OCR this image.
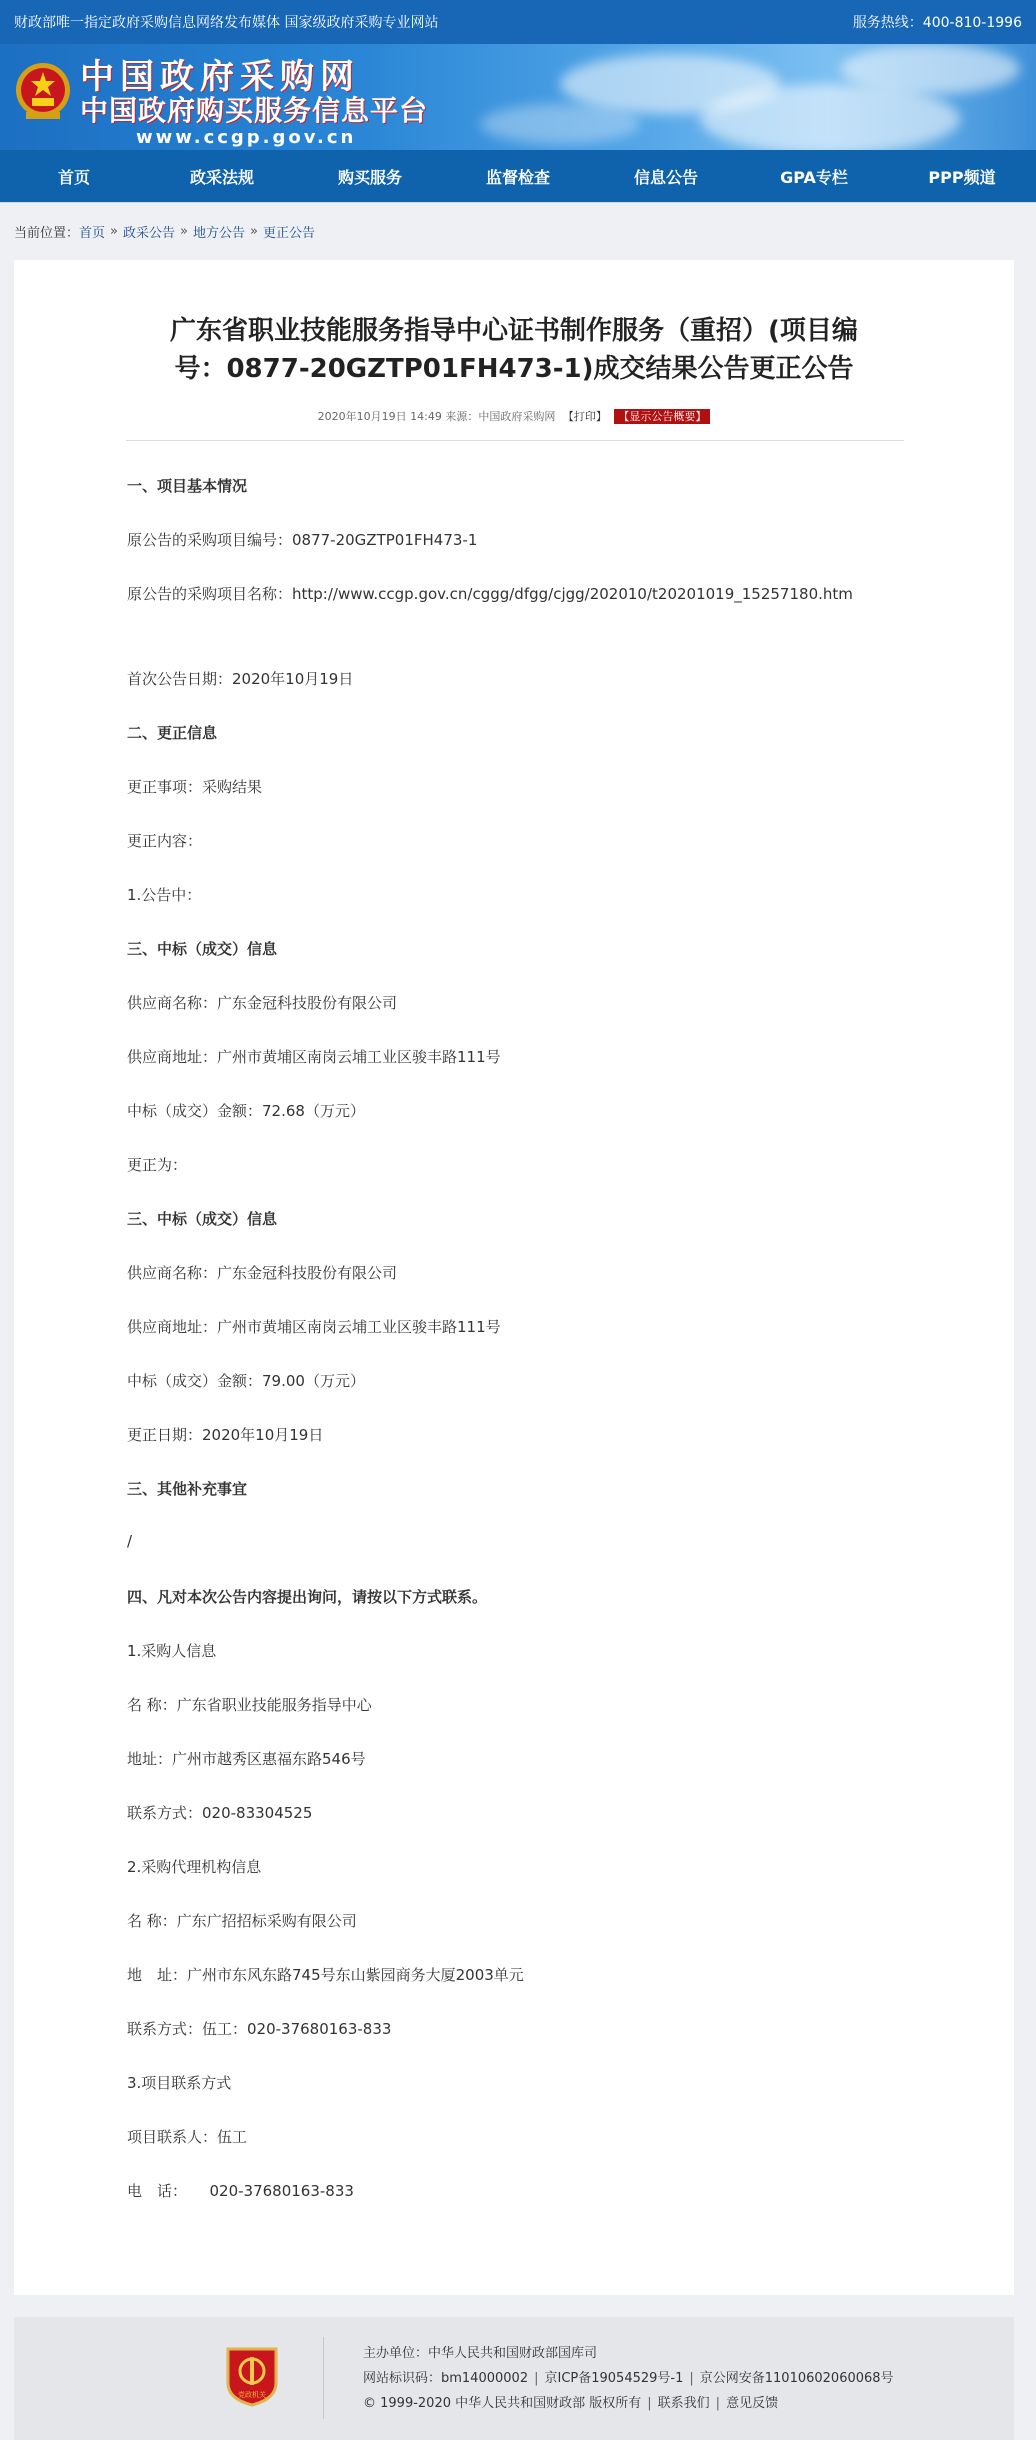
财政部唯一指定政府采购信息网络发布媒体 国家级政府采购专业网站	服务热线：400-810-1996
中国政府采购网
中国政府购买服务信息平台
www.ccgp.gov.cn
首页	政采法规	购买服务	监督检查	信息公告	GPA专栏	PPP频道
当前位置： 首页 » 政采公告 » 地方公告 » 更正公告
广东省职业技能服务指导中心证书制作服务（重招）(项目编
号：0877-20GZTP01FH473-1)成交结果公告更正公告
2020年10月19日 14:49 来源：中国政府采购网 【打印】 【显示公告概要】
一、项目基本情况
原公告的采购项目编号：0877-20GZTP01FH473-1
原公告的采购项目名称：http://www.ccgp.gov.cn/cggg/dfgg/cjgg/202010/t20201019_15257180.htm
首次公告日期：2020年10月19日
二、更正信息
更正事项：采购结果
更正内容：
1.公告中：
三、中标（成交）信息
供应商名称：广东金冠科技股份有限公司
供应商地址：广州市黄埔区南岗云埔工业区骏丰路111号
中标（成交）金额：72.68（万元）
更正为：
三、中标（成交）信息
供应商名称：广东金冠科技股份有限公司
供应商地址：广州市黄埔区南岗云埔工业区骏丰路111号
中标（成交）金额：79.00（万元）
更正日期：2020年10月19日
三、其他补充事宜
/
四、凡对本次公告内容提出询问，请按以下方式联系。
1.采购人信息
名 称：广东省职业技能服务指导中心
地址：广州市越秀区惠福东路546号
联系方式：020-83304525
2.采购代理机构信息
名 称：广东广招招标采购有限公司
地　址：广州市东风东路745号东山紫园商务大厦2003单元
联系方式：伍工：020-37680163-833
3.项目联系方式
项目联系人：伍工
电　话：　　020-37680163-833
党政机关
主办单位：中华人民共和国财政部国库司
网站标识码：bm14000002 | 京ICP备19054529号-1 | 京公网安备11010602060068号
© 1999-2020 中华人民共和国财政部 版权所有 | 联系我们 | 意见反馈
